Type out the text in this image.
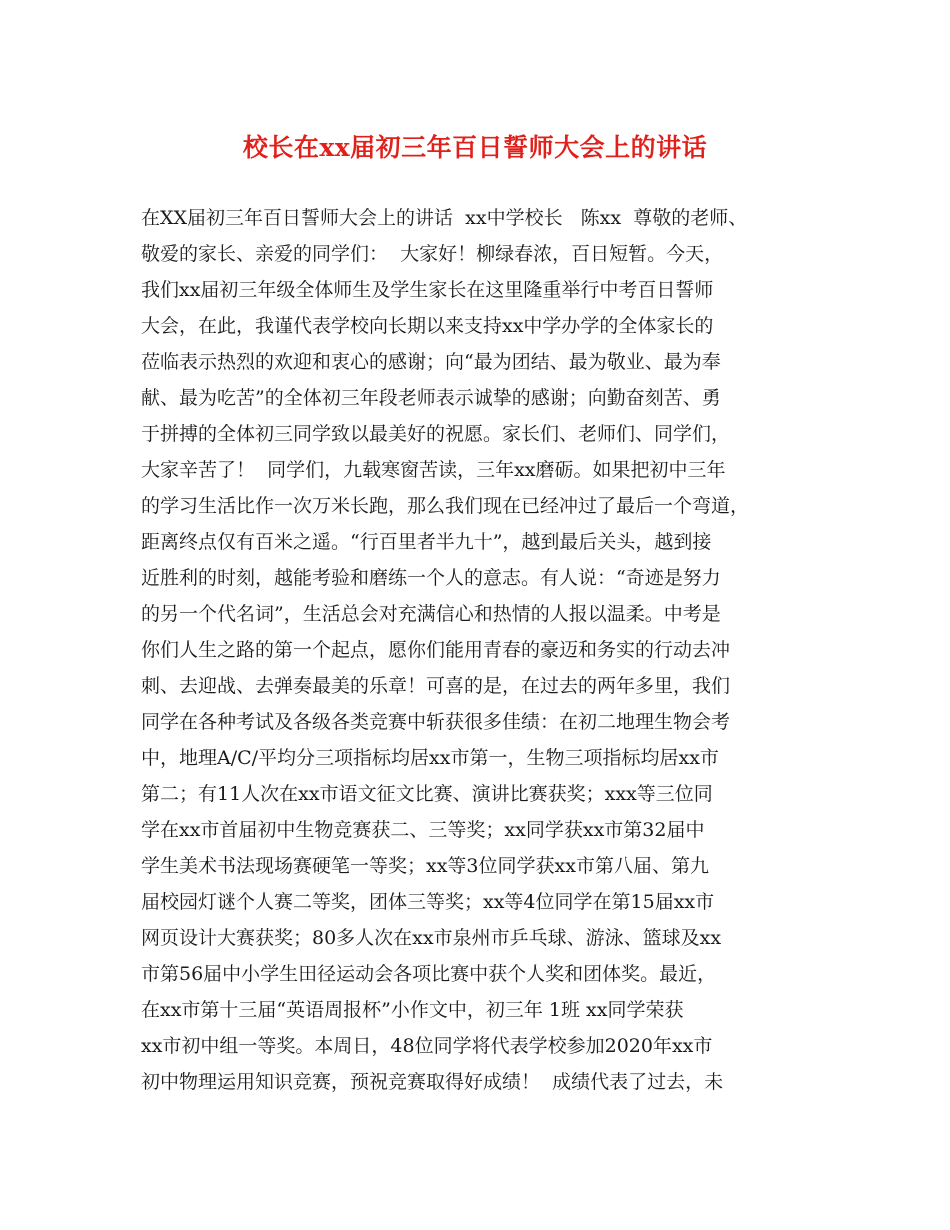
校长在xx届初三年百日誓师大会上的讲话
在XX届初三年百日誓师大会上的讲话  xx中学校长   陈xx  尊敬的老师、
敬爱的家长、亲爱的同学们：  大家好！柳绿春浓，百日短暂。今天，
我们xx届初三年级全体师生及学生家长在这里隆重举行中考百日誓师
大会，在此，我谨代表学校向长期以来支持xx中学办学的全体家长的
莅临表示热烈的欢迎和衷心的感谢；向“最为团结、最为敬业、最为奉
献、最为吃苦”的全体初三年段老师表示诚挚的感谢；向勤奋刻苦、勇
于拼搏的全体初三同学致以最美好的祝愿。家长们、老师们、同学们，
大家辛苦了！  同学们，九载寒窗苦读，三年xx磨砺。如果把初中三年
的学习生活比作一次万米长跑，那么我们现在已经冲过了最后一个弯道，
距离终点仅有百米之遥。“行百里者半九十”，越到最后关头，越到接
近胜利的时刻，越能考验和磨练一个人的意志。有人说：“奇迹是努力
的另一个代名词”，生活总会对充满信心和热情的人报以温柔。中考是
你们人生之路的第一个起点，愿你们能用青春的豪迈和务实的行动去冲
刺、去迎战、去弹奏最美的乐章！可喜的是，在过去的两年多里，我们
同学在各种考试及各级各类竞赛中斩获很多佳绩：在初二地理生物会考
中，地理A/C/平均分三项指标均居xx市第一，生物三项指标均居xx市
第二；有11人次在xx市语文征文比赛、演讲比赛获奖；xxx等三位同
学在xx市首届初中生物竞赛获二、三等奖；xx同学获xx市第32届中
学生美术书法现场赛硬笔一等奖；xx等3位同学获xx市第八届、第九
届校园灯谜个人赛二等奖，团体三等奖；xx等4位同学在第15届xx市
网页设计大赛获奖；80多人次在xx市泉州市乒乓球、游泳、篮球及xx
市第56届中小学生田径运动会各项比赛中获个人奖和团体奖。最近，
在xx市第十三届“英语周报杯”小作文中，初三年 1班 xx同学荣获
xx市初中组一等奖。本周日，48位同学将代表学校参加2020年xx市
初中物理运用知识竞赛，预祝竞赛取得好成绩！  成绩代表了过去，未
